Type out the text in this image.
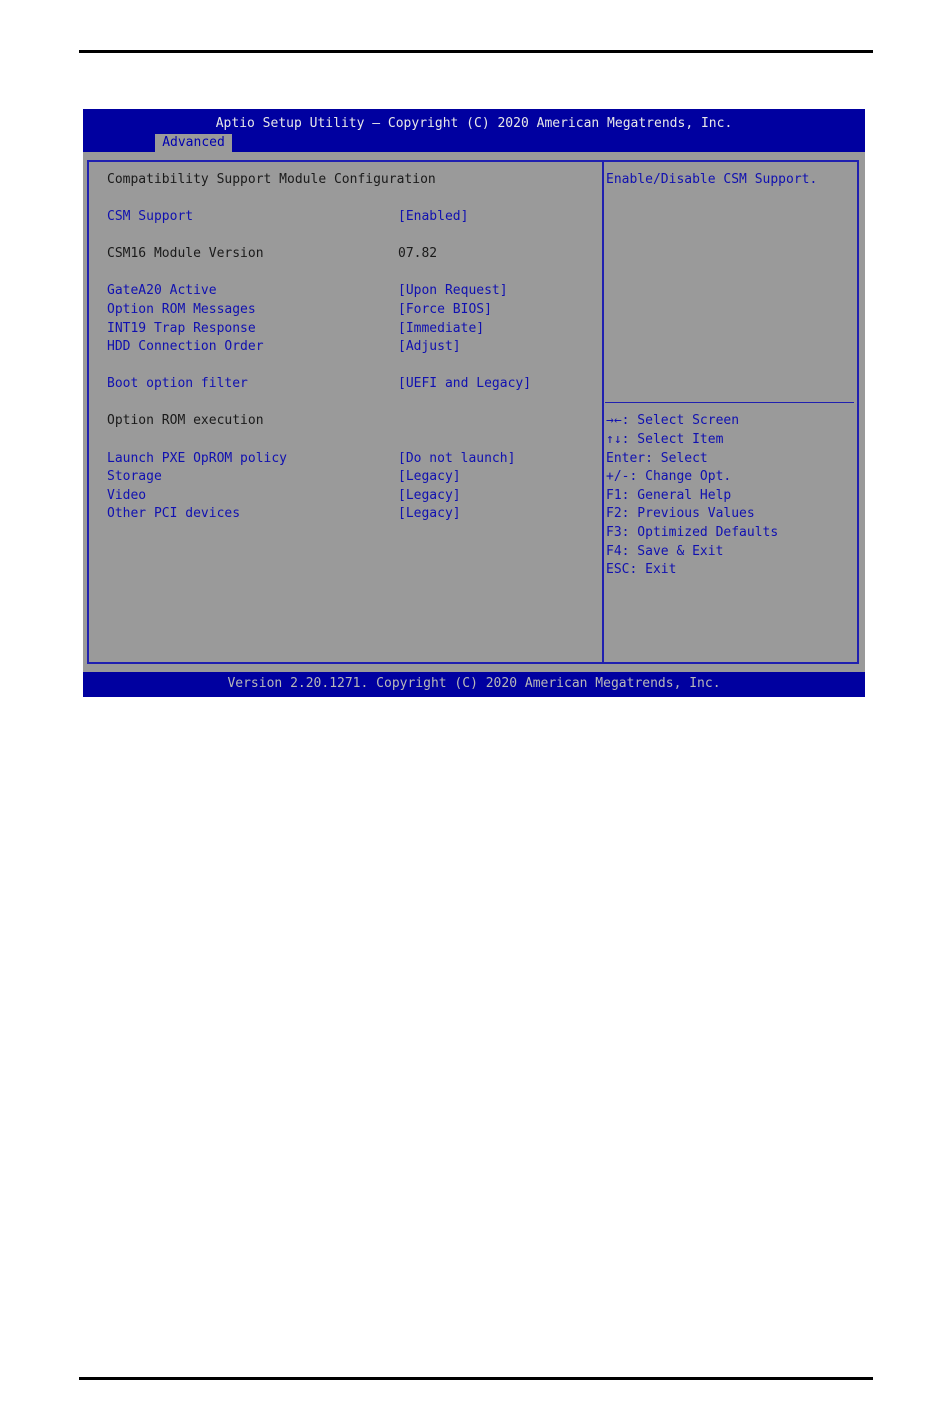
Aptio Setup Utility – Copyright (C) 2020 American Megatrends, Inc.
Advanced
Compatibility Support Module Configuration
CSM Support	[Enabled]
CSM16 Module Version	07.82
GateA20 Active	[Upon Request]
Option ROM Messages	[Force BIOS]
INT19 Trap Response	[Immediate]
HDD Connection Order	[Adjust]
Boot option filter	[UEFI and Legacy]
Option ROM execution
Launch PXE OpROM policy	[Do not launch]
Storage	[Legacy]
Video	[Legacy]
Other PCI devices	[Legacy]
Enable/Disable CSM Support.
→←: Select Screen
↑↓: Select Item
Enter: Select
+/-: Change Opt.
F1: General Help
F2: Previous Values
F3: Optimized Defaults
F4: Save & Exit
ESC: Exit
Version 2.20.1271. Copyright (C) 2020 American Megatrends, Inc.
